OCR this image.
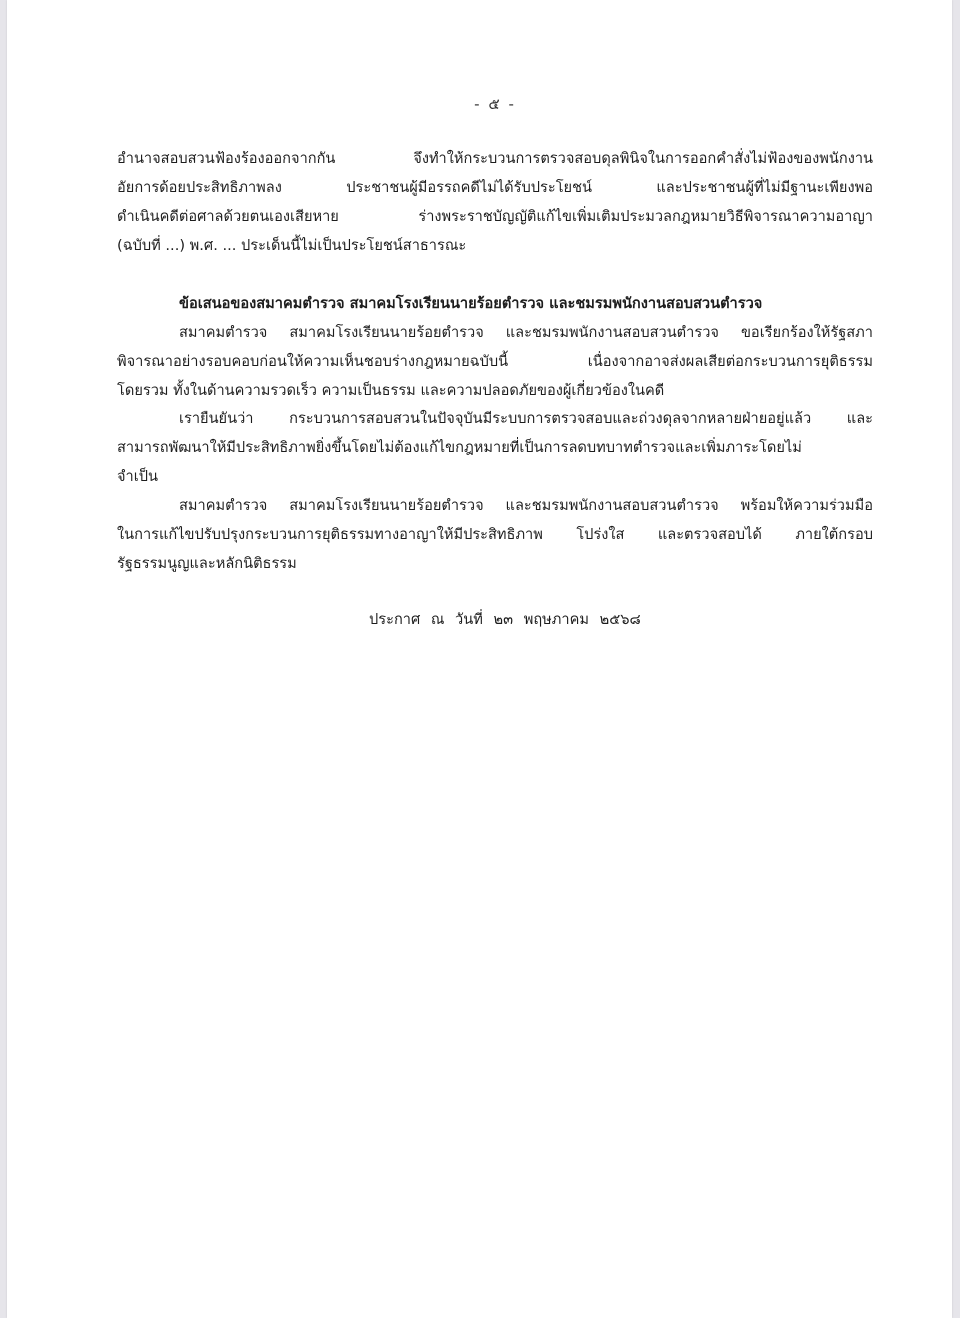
- ๕ -
อำนาจสอบสวนฟ้องร้องออกจากกัน จึงทำให้กระบวนการตรวจสอบดุลพินิจในการออกคำสั่งไม่ฟ้องของพนักงาน
อัยการด้อยประสิทธิภาพลง ประชาชนผู้มีอรรถคดีไม่ได้รับประโยชน์ และประชาชนผู้ที่ไม่มีฐานะเพียงพอ
ดำเนินคดีต่อศาลด้วยตนเองเสียหาย ร่างพระราชบัญญัติแก้ไขเพิ่มเติมประมวลกฎหมายวิธีพิจารณาความอาญา
(ฉบับที่ ...) พ.ศ. ... ประเด็นนี้ไม่เป็นประโยชน์สาธารณะ
ข้อเสนอของสมาคมตำรวจ สมาคมโรงเรียนนายร้อยตำรวจ และชมรมพนักงานสอบสวนตำรวจ
สมาคมตำรวจ สมาคมโรงเรียนนายร้อยตำรวจ และชมรมพนักงานสอบสวนตำรวจ ขอเรียกร้องให้รัฐสภา
พิจารณาอย่างรอบคอบก่อนให้ความเห็นชอบร่างกฎหมายฉบับนี้ เนื่องจากอาจส่งผลเสียต่อกระบวนการยุติธรรม
โดยรวม ทั้งในด้านความรวดเร็ว ความเป็นธรรม และความปลอดภัยของผู้เกี่ยวข้องในคดี
เรายืนยันว่า กระบวนการสอบสวนในปัจจุบันมีระบบการตรวจสอบและถ่วงดุลจากหลายฝ่ายอยู่แล้ว และ
สามารถพัฒนาให้มีประสิทธิภาพยิ่งขึ้นโดยไม่ต้องแก้ไขกฎหมายที่เป็นการลดบทบาทตำรวจและเพิ่มภาระโดยไม่
จำเป็น
สมาคมตำรวจ สมาคมโรงเรียนนายร้อยตำรวจ และชมรมพนักงานสอบสวนตำรวจ พร้อมให้ความร่วมมือ
ในการแก้ไขปรับปรุงกระบวนการยุติธรรมทางอาญาให้มีประสิทธิภาพ โปร่งใส และตรวจสอบได้ ภายใต้กรอบ
รัฐธรรมนูญและหลักนิติธรรม
ประกาศ ณ วันที่ ๒๓ พฤษภาคม ๒๕๖๘
